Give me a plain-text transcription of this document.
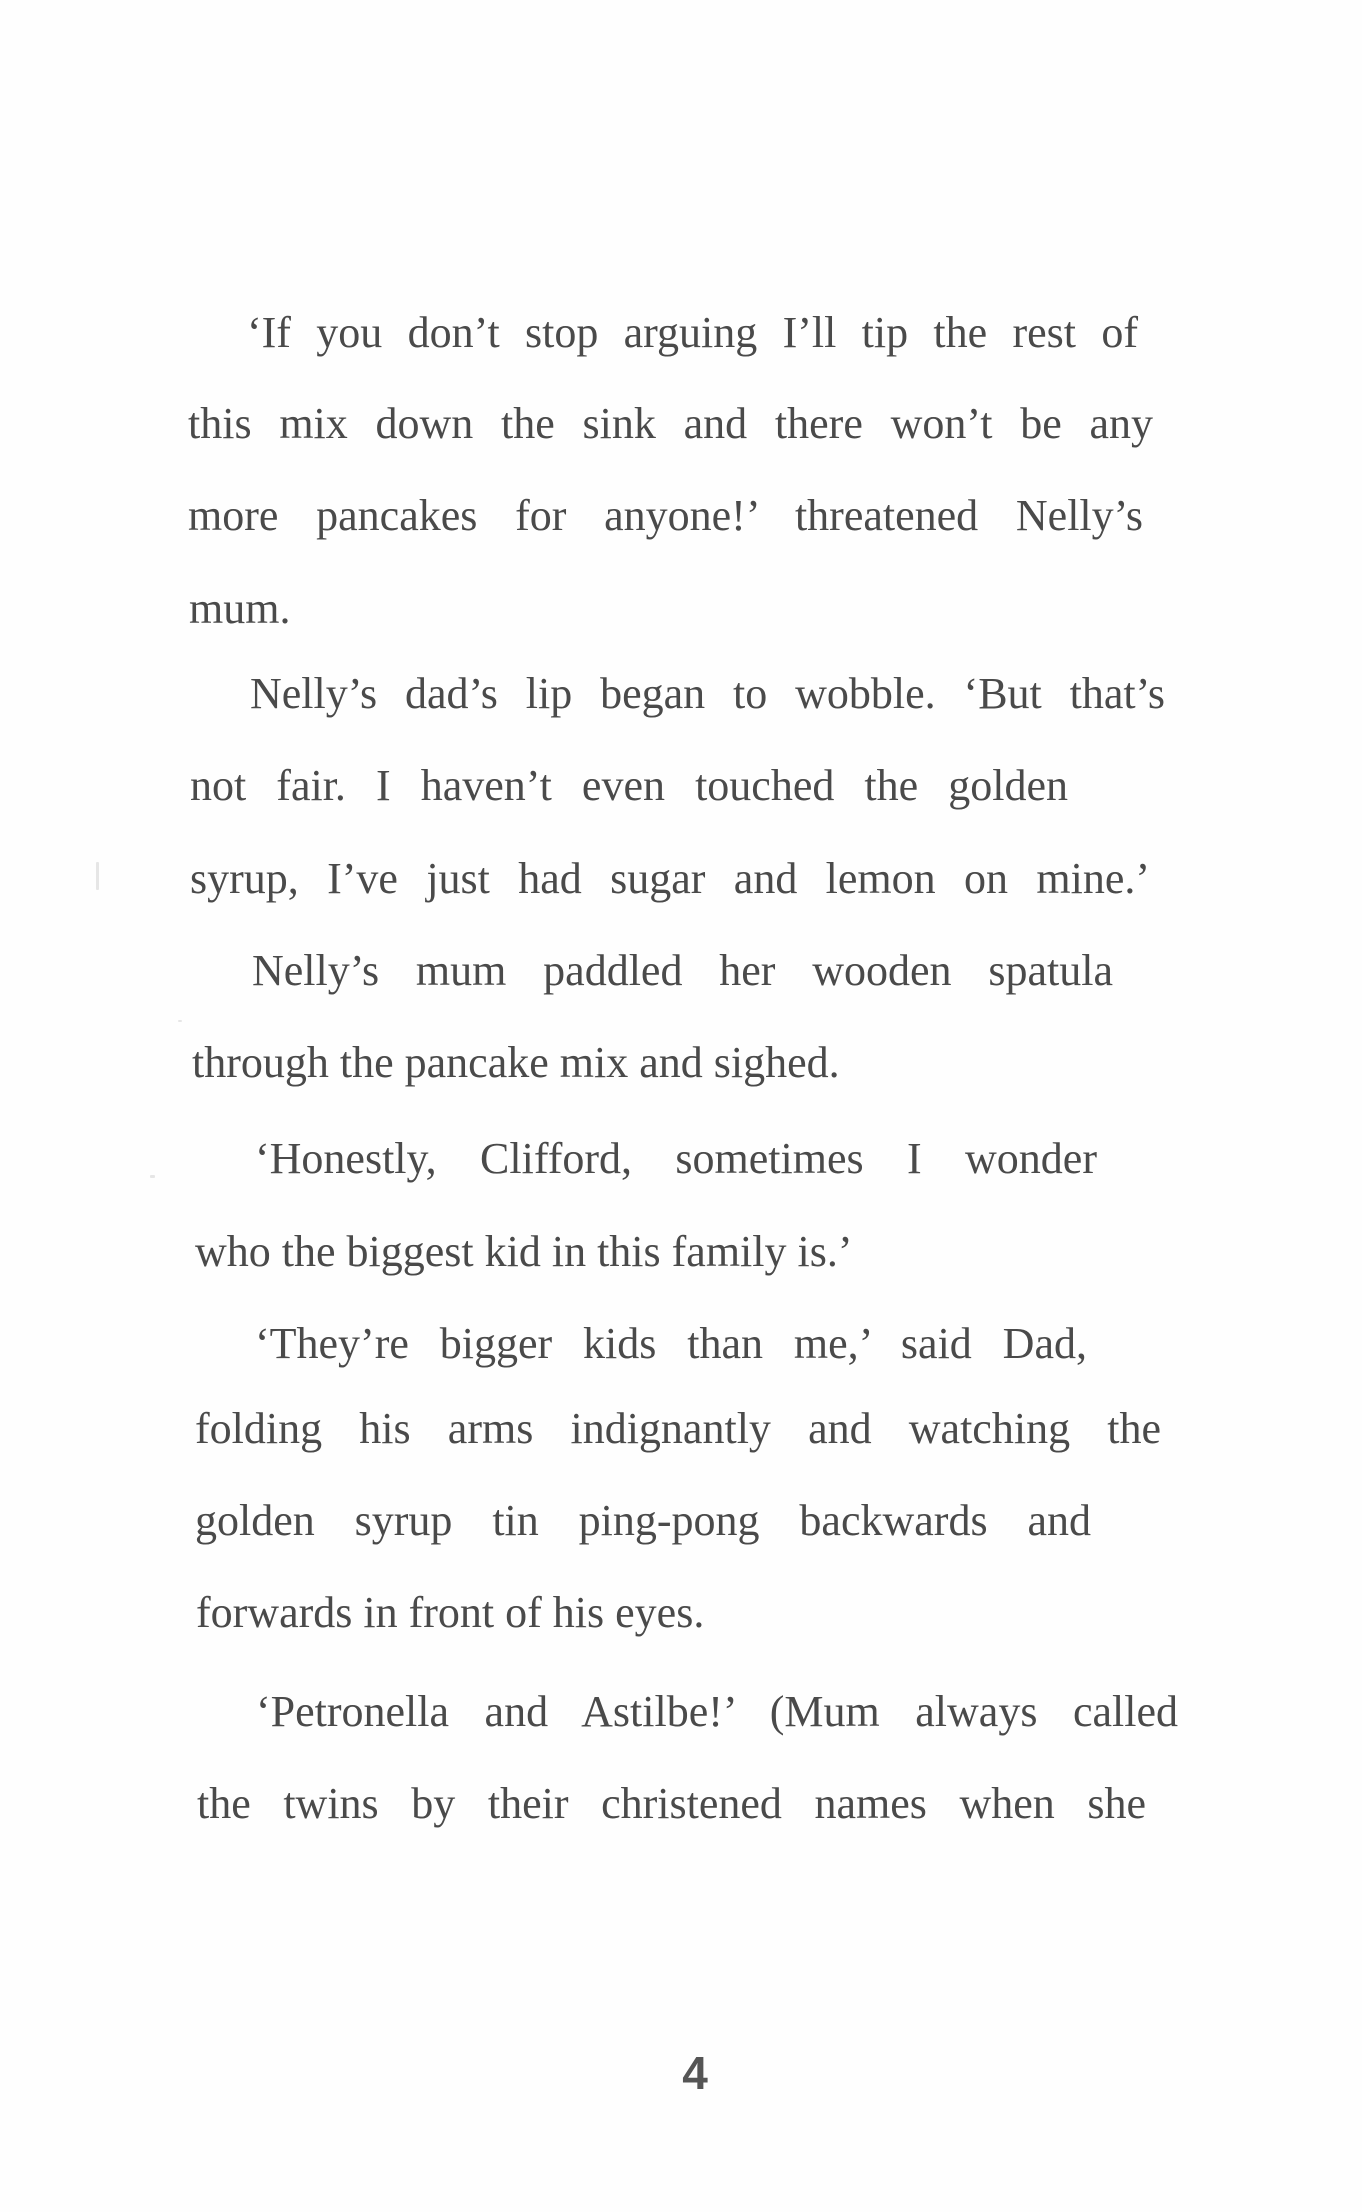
‘If you don’t stop arguing I’ll tip the rest of
this mix down the sink and there won’t be any
more pancakes for anyone!’ threatened Nelly’s
mum.
Nelly’s dad’s lip began to wobble. ‘But that’s
not fair. I haven’t even touched the golden
syrup, I’ve just had sugar and lemon on mine.’
Nelly’s mum paddled her wooden spatula
through the pancake mix and sighed.
‘Honestly, Clifford, sometimes I wonder
who the biggest kid in this family is.’
‘They’re bigger kids than me,’ said Dad,
folding his arms indignantly and watching the
golden syrup tin ping-pong backwards and
forwards in front of his eyes.
‘Petronella and Astilbe!’ (Mum always called
the twins by their christened names when she
4
